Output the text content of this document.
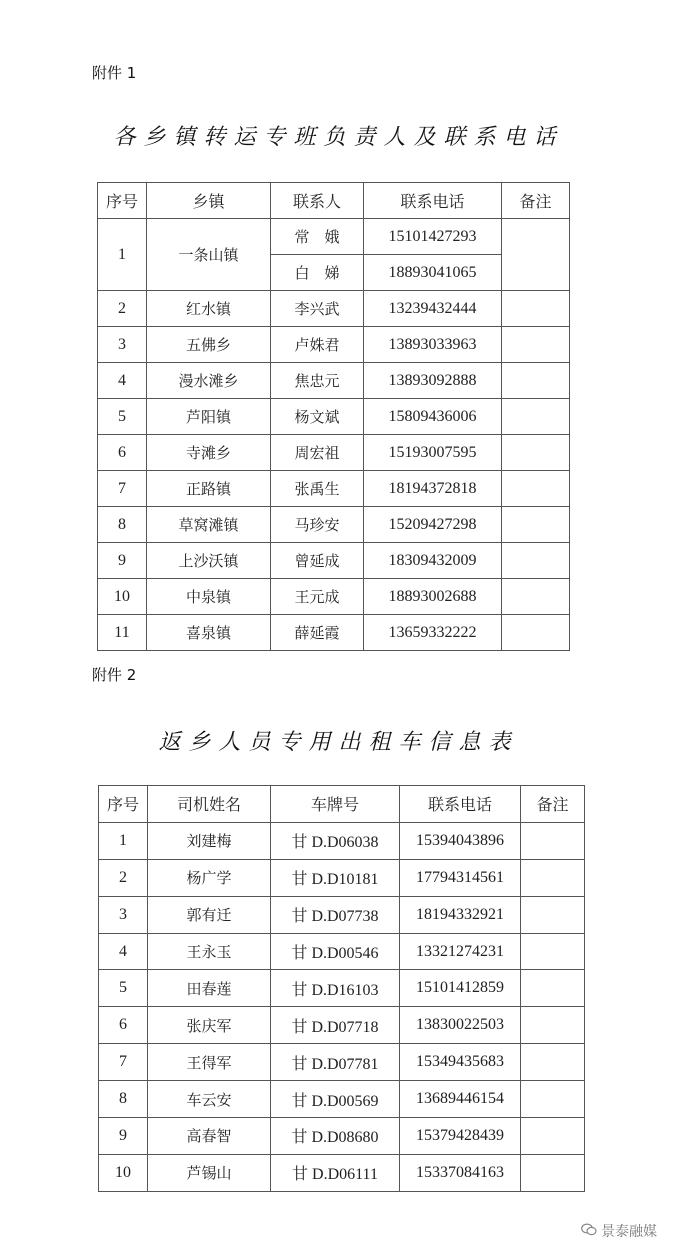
附件 1
各乡镇转运专班负责人及联系电话
序号	乡镇	联系人	联系电话	备注
1	一条山镇	常　娥	15101427293	
		白　娣	18893041065	
2	红水镇	李兴武	13239432444	
3	五佛乡	卢姝君	13893033963	
4	漫水滩乡	焦忠元	13893092888	
5	芦阳镇	杨文斌	15809436006	
6	寺滩乡	周宏祖	15193007595	
7	正路镇	张禹生	18194372818	
8	草窝滩镇	马珍安	15209427298	
9	上沙沃镇	曾延成	18309432009	
10	中泉镇	王元成	18893002688	
11	喜泉镇	薛延霞	13659332222	
附件 2
返乡人员专用出租车信息表
序号	司机姓名	车牌号	联系电话	备注
1	刘建梅	甘 D.D06038	15394043896	
2	杨广学	甘 D.D10181	17794314561	
3	郭有迁	甘 D.D07738	18194332921	
4	王永玉	甘 D.D00546	13321274231	
5	田春莲	甘 D.D16103	15101412859	
6	张庆军	甘 D.D07718	13830022503	
7	王得军	甘 D.D07781	15349435683	
8	车云安	甘 D.D00569	13689446154	
9	高春智	甘 D.D08680	15379428439	
10	芦锡山	甘 D.D06111	15337084163	
景泰融媒
